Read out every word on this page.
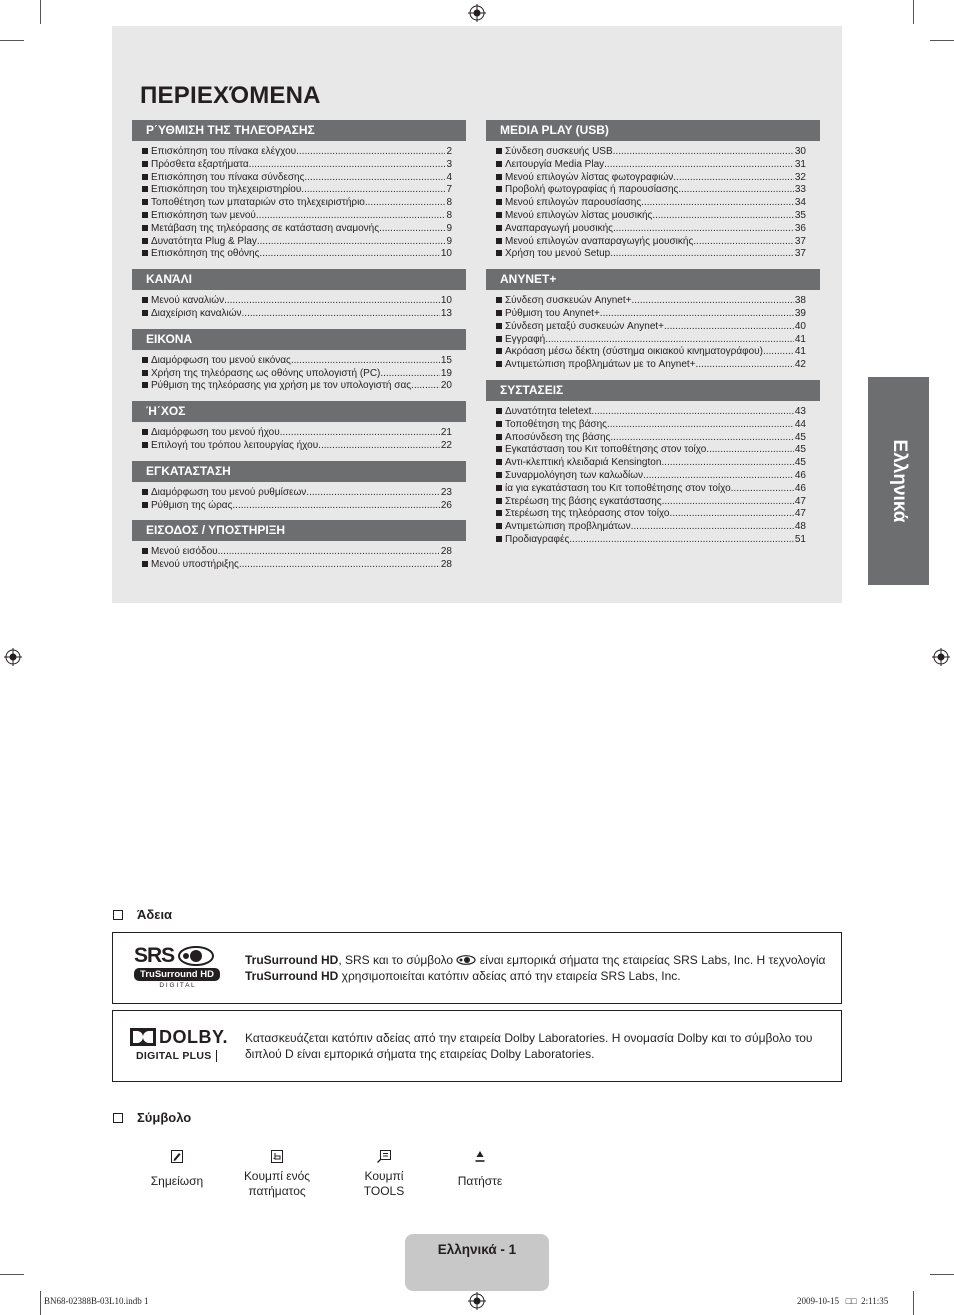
ΠΕΡΙΕΧΌΜΕΝΑ
Ρ΄ΥΘΜΙΣΗ ΤΗΣ ΤΗΛΕΌΡΑΣΗΣ
Επισκόπηση του πίνακα ελέγχου .....	2
Πρόσθετα εξαρτήματα .....	3
Επισκόπηση του πίνακα σύνδεσης .....	4
Επισκόπηση του τηλεχειριστηρίου .....	7
Τοποθέτηση των μπαταριών στο τηλεχειριστήριο .....	8
Επισκόπηση των μενού .....	8
Μετάβαση της τηλεόρασης σε κατάσταση αναμονής .....	9
Δυνατότητα Plug & Play .....	9
Επισκόπηση της οθόνης .....	10
ΚΑΝΆΛΙ
Μενού καναλιών .....	10
Διαχείριση καναλιών .....	13
ΕΙΚΟΝΑ
Διαμόρφωση του μενού εικόνας .....	15
Χρήση της τηλεόρασης ως οθόνης υπολογιστή (PC) .....	19
Ρύθμιση της τηλεόρασης για χρήση με τον υπολογιστή σας .....	20
Ή΄ΧΟΣ
Διαμόρφωση του μενού ήχου .....	21
Επιλογή του τρόπου λειτουργίας ήχου .....	22
ΕΓΚΑΤΑΣΤΑΣΗ
Διαμόρφωση του μενού ρυθμίσεων .....	23
Ρύθμιση της ώρας .....	26
ΕΙΣΟΔΟΣ / ΥΠΟΣΤΗΡΙΞΗ
Μενού εισόδου .....	28
Μενού υποστήριξης .....	28
MEDIA PLAY (USB)
Σύνδεση συσκευής USB .....	30
Λειτουργία Media Play .....	31
Μενού επιλογών λίστας φωτογραφιών .....	32
Προβολή φωτογραφίας ή παρουσίασης .....	33
Μενού επιλογών παρουσίασης .....	34
Μενού επιλογών λίστας μουσικής .....	35
Αναπαραγωγή μουσικής .....	36
Μενού επιλογών αναπαραγωγής μουσικής .....	37
Χρήση του μενού Setup .....	37
ANYNET+
Σύνδεση συσκευών Anynet+ .....	38
Ρύθμιση του Anynet+ .....	39
Σύνδεση μεταξύ συσκευών Anynet+ .....	40
Εγγραφή .....	41
Ακρόαση μέσω δέκτη (σύστημα οικιακού κινηματογράφου) .....	41
Αντιμετώπιση προβλημάτων με το Anynet+ .....	42
ΣΥΣΤΑΣΕΙΣ
Δυνατότητα teletext .....	43
Τοποθέτηση της βάσης .....	44
Αποσύνδεση της βάσης .....	45
Εγκατάσταση του Κιτ τοποθέτησης στον τοίχο .....	45
Αντι-κλεπτική κλειδαριά Kensington .....	45
Συναρμολόγηση των καλωδίων .....	46
ία για εγκατάσταση του Κιτ τοποθέτησης στον τοίχο .....	46
Στερέωση της βάσης εγκατάστασης .....	47
Στερέωση της τηλεόρασης στον τοίχο .....	47
Αντιμετώπιση προβλημάτων .....	48
Προδιαγραφές .....	51
Ελληνικά
Άδεια
SRS
TruSurround HD
D I G I T A L
TruSurround HD, SRS και το σύμβολο  είναι εμπορικά σήματα της εταιρείας SRS Labs, Inc. Η τεχνολογία
TruSurround HD χρησιμοποιείται κατόπιν αδείας από την εταιρεία SRS Labs, Inc.
DOLBY.
DIGITAL PLUS
Κατασκευάζεται κατόπιν αδείας από την εταιρεία Dolby Laboratories. Η ονομασία Dolby και το σύμβολο του
διπλού D είναι εμπορικά σήματα της εταιρείας Dolby Laboratories.
Σύμβολο
Σημείωση	Κουμπί ενός
πατήματος
Κουμπί
TOOLS
Πατήστε
Ελληνικά - 1
BN68-02388B-03L10.indb 1	2009-10-15 □□ 2:11:35
